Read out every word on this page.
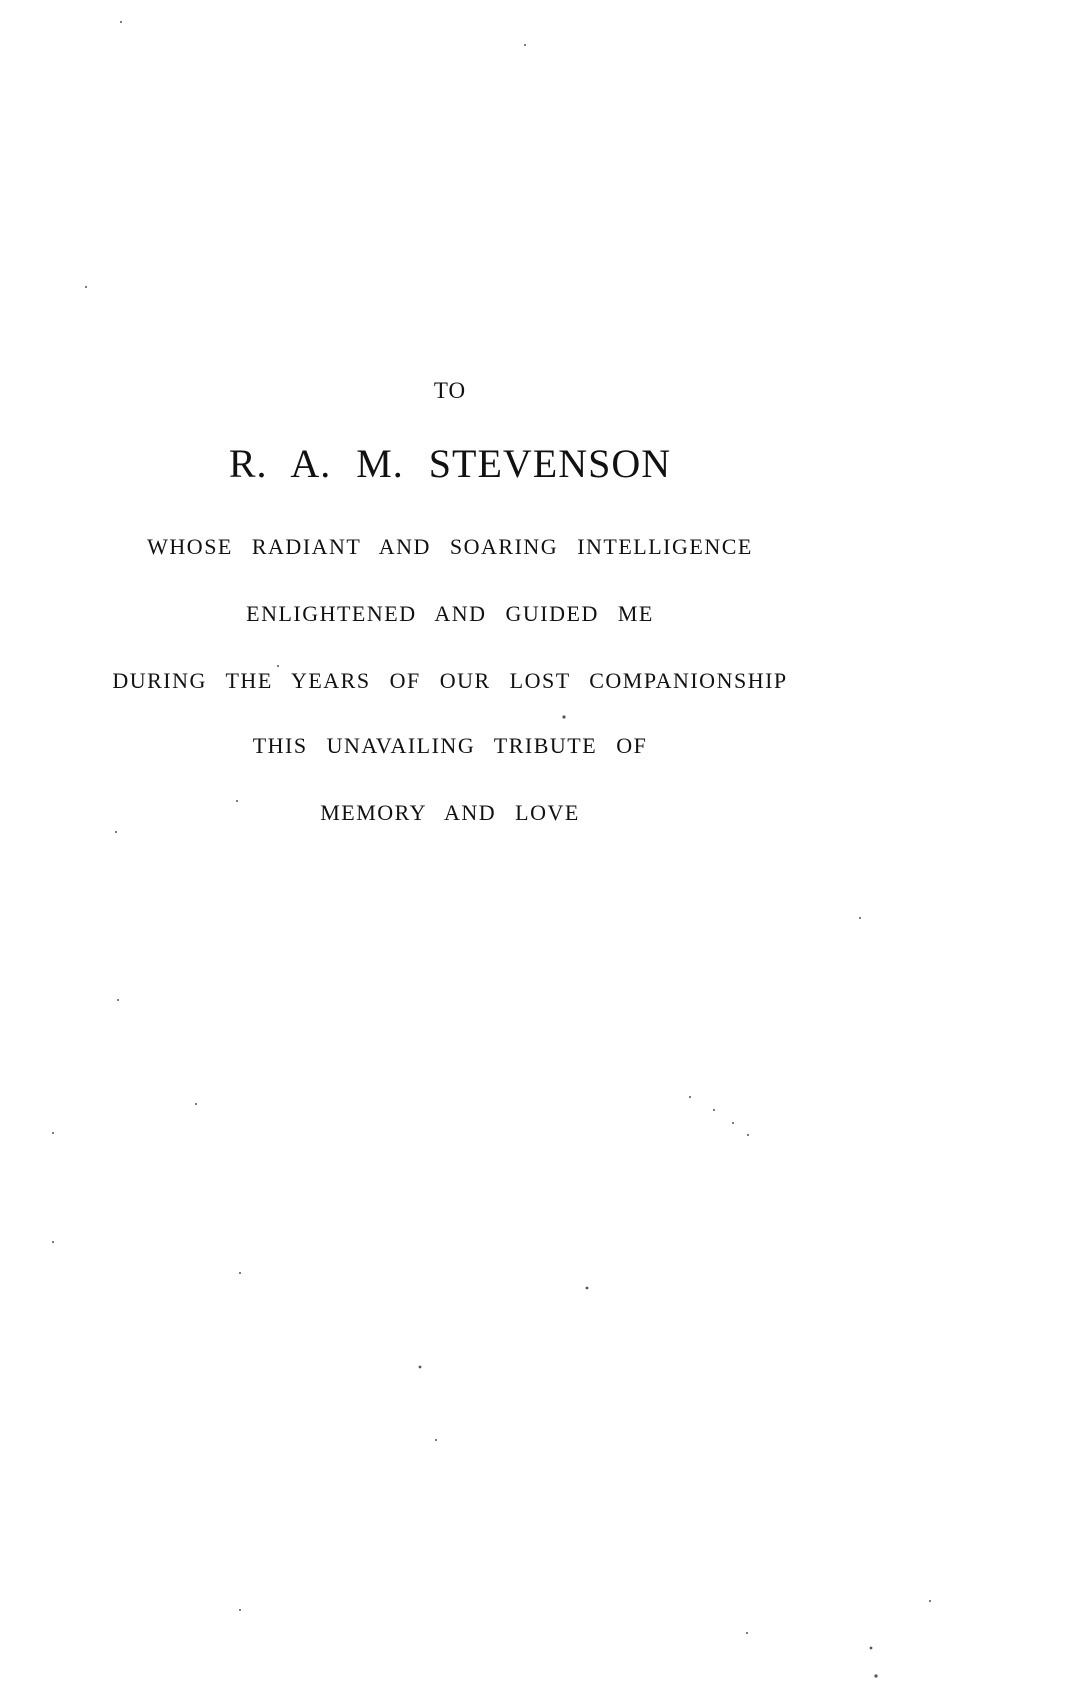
TO
R. A. M. STEVENSON
WHOSE RADIANT AND SOARING INTELLIGENCE
ENLIGHTENED AND GUIDED ME
DURING THE YEARS OF OUR LOST COMPANIONSHIP
THIS UNAVAILING TRIBUTE OF
MEMORY AND LOVE
